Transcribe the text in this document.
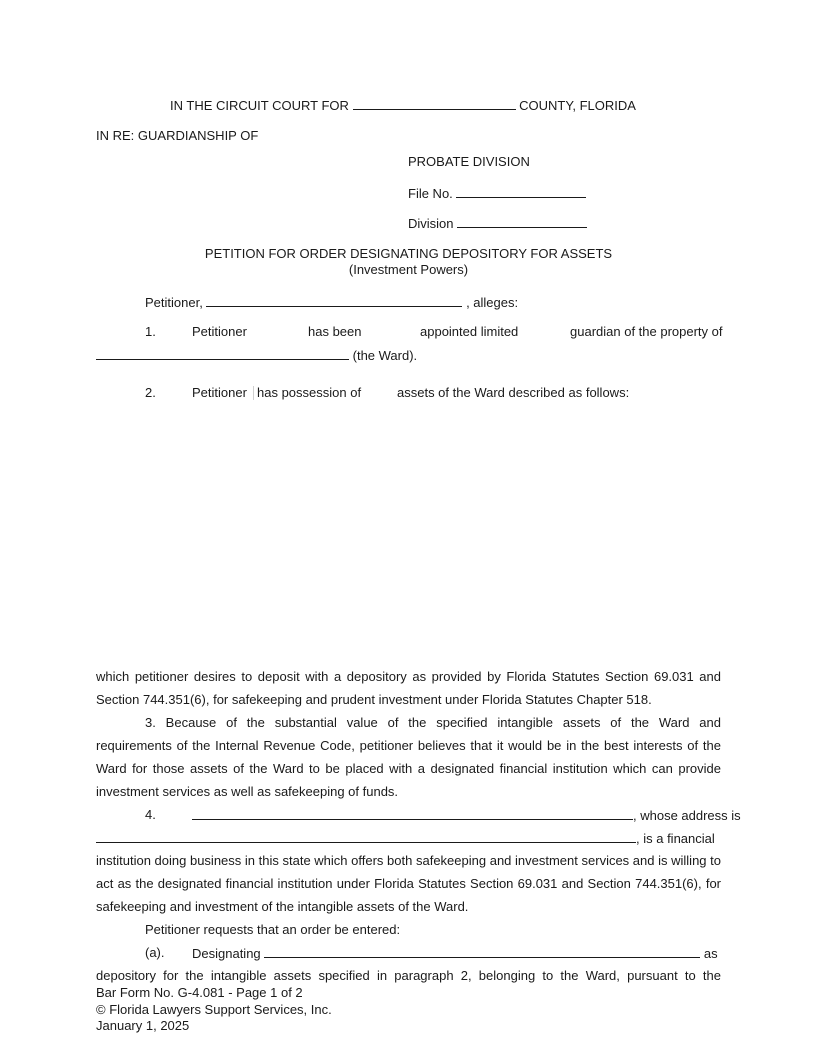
IN THE CIRCUIT COURT FOR	COUNTY, FLORIDA
IN RE: GUARDIANSHIP OF
PROBATE DIVISION
File No.
Division
PETITION FOR ORDER DESIGNATING DEPOSITORY FOR ASSETS
(Investment Powers)
Petitioner,	, alleges:
1.	Petitioner	has been	appointed limited	guardian of the property of
(the Ward).
2.	Petitioner has possession of	assets of the Ward described as follows:
which petitioner desires to deposit with a depository as provided by Florida Statutes Section 69.031 and
Section 744.351(6), for safekeeping and prudent investment under Florida Statutes Chapter 518.
3. Because of the substantial value of the specified intangible assets of the Ward and
requirements of the Internal Revenue Code, petitioner believes that it would be in the best interests of the
Ward for those assets of the Ward to be placed with a designated financial institution which can provide
investment services as well as safekeeping of funds.
4.	, whose address is
, is a financial
institution doing business in this state which offers both safekeeping and investment services and is willing to
act as the designated financial institution under Florida Statutes Section 69.031 and Section 744.351(6), for
safekeeping and investment of the intangible assets of the Ward.
Petitioner requests that an order be entered:
(a). Designating	as
depository for the intangible assets specified in paragraph 2, belonging to the Ward, pursuant to the
Bar Form No. G-4.081 - Page 1 of 2
© Florida Lawyers Support Services, Inc.
January 1, 2025
